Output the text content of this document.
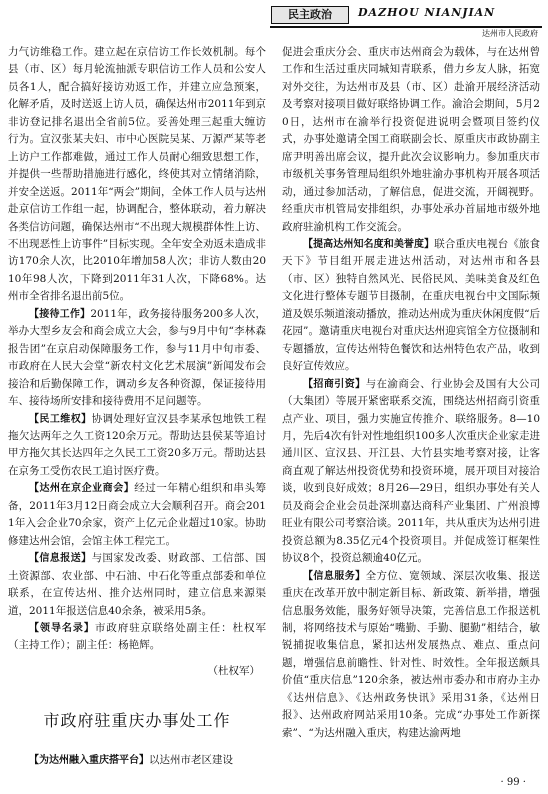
民主政治	DAZHOU NIANJIAN
达州市人民政府

力气访维稳工作。建立起在京信访工作长效机制。每个县（市、区）每月轮流抽派专职信访工作人员和公安人员各1人，配合搞好接访劝返工作，并建立应急预案，化解矛盾，及时送返上访人员，确保达州市2011年到京非访登记排名退出全省前5位。妥善处理三起重大缠访行为。宣汉张某夫妇、市中心医院吴某、万源严某等老上访户工作都难做，通过工作人员耐心细致思想工作，并提供一些帮助措施进行感化，终使其对立情绪消除，并安全送返。2011年“两会”期间，全体工作人员与达州赴京信访工作组一起，协调配合，整体联动，着力解决各类信访问题，确保达州市“不出现大规模群体性上访、不出现恶性上访事件”目标实现。全年安全劝返未造成非访170余人次，比2010年增加58人次；非访人数由2010年98人次，下降到2011年31人次，下降68%。达州市全省排名退出前5位。

【接待工作】2011年，政务接待服务200多人次，举办大型乡友会和商会成立大会，参与9月中旬“李林森报告团”在京启动保障服务工作，参与11月中旬市委、市政府在人民大会堂“新农村文化艺术展演”新闻发布会接洽和后勤保障工作，调动乡友各种资源，保证接待用车、接待场所安排和接待费用不足问题等。

【民工维权】协调处理好宣汉县李某承包地铁工程拖欠达两年之久工资120余万元。帮助达县侯某等追讨甲方拖欠其长达四年之久民工工资20多万元。帮助达县在京务工受伤农民工追讨医疗费。

【达州在京企业商会】经过一年精心组织和串头筹备，2011年3月12日商会成立大会顺利召开。商会2011年入会企业70余家，资产上亿元企业超过10家。协助修建达州会馆，会馆主体工程完工。

【信息报送】与国家发改委、财政部、工信部、国土资源部、农业部、中石油、中石化等重点部委和单位联系，在宣传达州、推介达州同时，建立信息来源渠道，2011年报送信息40余条，被采用5条。

【领导名录】市政府驻京联络处副主任：杜权军（主持工作）；副主任：杨艳辉。

（杜权军）

市政府驻重庆办事处工作

【为达州融入重庆搭平台】以达州市老区建设

促进会重庆分会、重庆市达州商会为载体，与在达州曾工作和生活过重庆同城知青联系，借力乡友人脉，拓宽对外交往，为达州市及县（市、区）赴渝开展经济活动及考察对接项目做好联络协调工作。渝洽会期间，5月20日，达州市在渝举行投资促进说明会暨项目签约仪式，办事处邀请全国工商联副会长、原重庆市政协副主席尹明善出席会议，提升此次会议影响力。参加重庆市市级机关事务管理局组织外地驻渝办事机构开展各项活动，通过参加活动，了解信息，促进交流，开阔视野。经重庆市机管局安排组织，办事处承办首届地市级外地政府驻渝机构工作交流会。

【提高达州知名度和美誉度】联合重庆电视台《旅食天下》节目组开展走进达州活动，对达州市和各县（市、区）独特自然风光、民俗民风、美味美食及红色文化进行整体专题节目摄制，在重庆电视台中文国际频道及娱乐频道滚动播放，推动达州成为重庆休闲度假“后花园”。邀请重庆电视台对重庆达州迎宾馆全方位摄制和专题播放，宣传达州特色餐饮和达州特色农产品，收到良好宣传效应。

【招商引资】与在渝商会、行业协会及国有大公司（大集团）等展开紧密联系交流，围绕达州招商引资重点产业、项目，强力实施宣传推介、联络服务。8—10月，先后4次有针对性地组织100多人次重庆企业家走进通川区、宣汉县、开江县、大竹县实地考察对接，让客商直观了解达州投资优势和投资环境，展开项目对接洽谈，收到良好成效；8月26—29日，组织办事处有关人员及商会企业会员赴深圳嘉达商科产业集团、广州浪博旺业有限公司考察洽谈。2011年，共从重庆为达州引进投资总额为8.35亿元4个投资项目。并促成签订框架性协议8个，投资总额逾40亿元。

【信息服务】全方位、宽领域、深层次收集、报送重庆在改革开放中制定新目标、新政策、新举措，增强信息服务效能，服务好领导决策，完善信息工作报送机制，将网络技术与原始“嘴勤、手勤、腿勤”相结合，敏锐捕捉收集信息，紧扣达州发展热点、难点、重点问题，增强信息前瞻性、针对性、时效性。全年报送颇具价值“重庆信息”120余条，被达州市委办和市府办主办《达州信息》、《达州政务快讯》采用31条，《达州日报》、达州政府网站采用10条。完成“办事处工作新探索”、“为达州融入重庆，构建达渝两地

· 99 ·
